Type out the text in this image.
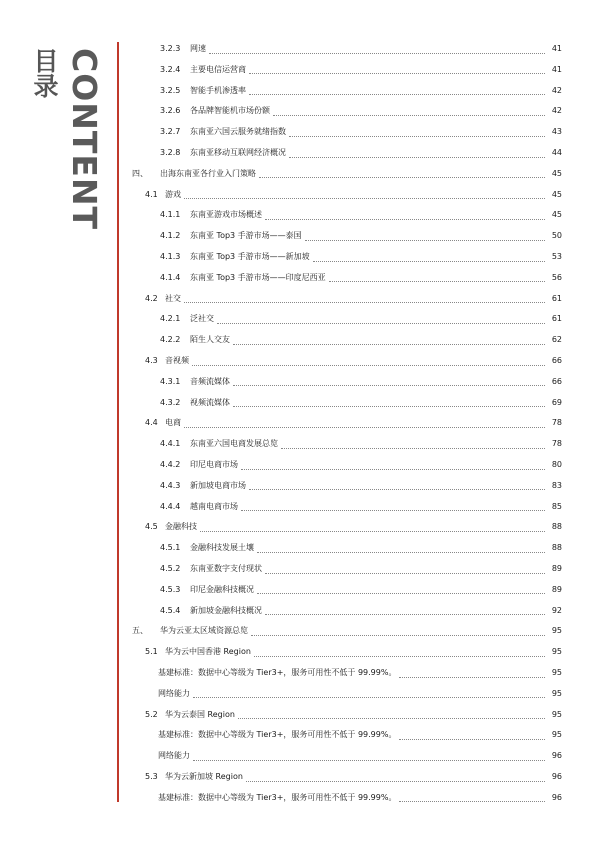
目录 CONTENT	3.2.3	网速	41
3.2.4	主要电信运营商	41
3.2.5	智能手机渗透率	42
3.2.6	各品牌智能机市场份额	42
3.2.7	东南亚六国云服务就绪指数	43
3.2.8	东南亚移动互联网经济概况	44
四、	出海东南亚各行业入门策略	45
4.1 游戏	45
4.1.1	东南亚游戏市场概述	45
4.1.2	东南亚 Top3 手游市场——泰国	50
4.1.3	东南亚 Top3 手游市场——新加坡	53
4.1.4	东南亚 Top3 手游市场——印度尼西亚	56
4.2 社交	61
4.2.1	泛社交	61
4.2.2	陌生人交友	62
4.3 音视频	66
4.3.1	音频流媒体	66
4.3.2	视频流媒体	69
4.4 电商	78
4.4.1	东南亚六国电商发展总览	78
4.4.2	印尼电商市场	80
4.4.3	新加坡电商市场	83
4.4.4	越南电商市场	85
4.5 金融科技	88
4.5.1	金融科技发展土壤	88
4.5.2	东南亚数字支付现状	89
4.5.3	印尼金融科技概况	89
4.5.4	新加坡金融科技概况	92
五、	华为云亚太区域资源总览	95
5.1 华为云中国香港 Region	95
基建标准：数据中心等级为 Tier3+，服务可用性不低于 99.99%。	95
网络能力	95
5.2 华为云泰国 Region	95
基建标准：数据中心等级为 Tier3+，服务可用性不低于 99.99%。	95
网络能力	96
5.3 华为云新加坡 Region	96
基建标准：数据中心等级为 Tier3+，服务可用性不低于 99.99%。	96
